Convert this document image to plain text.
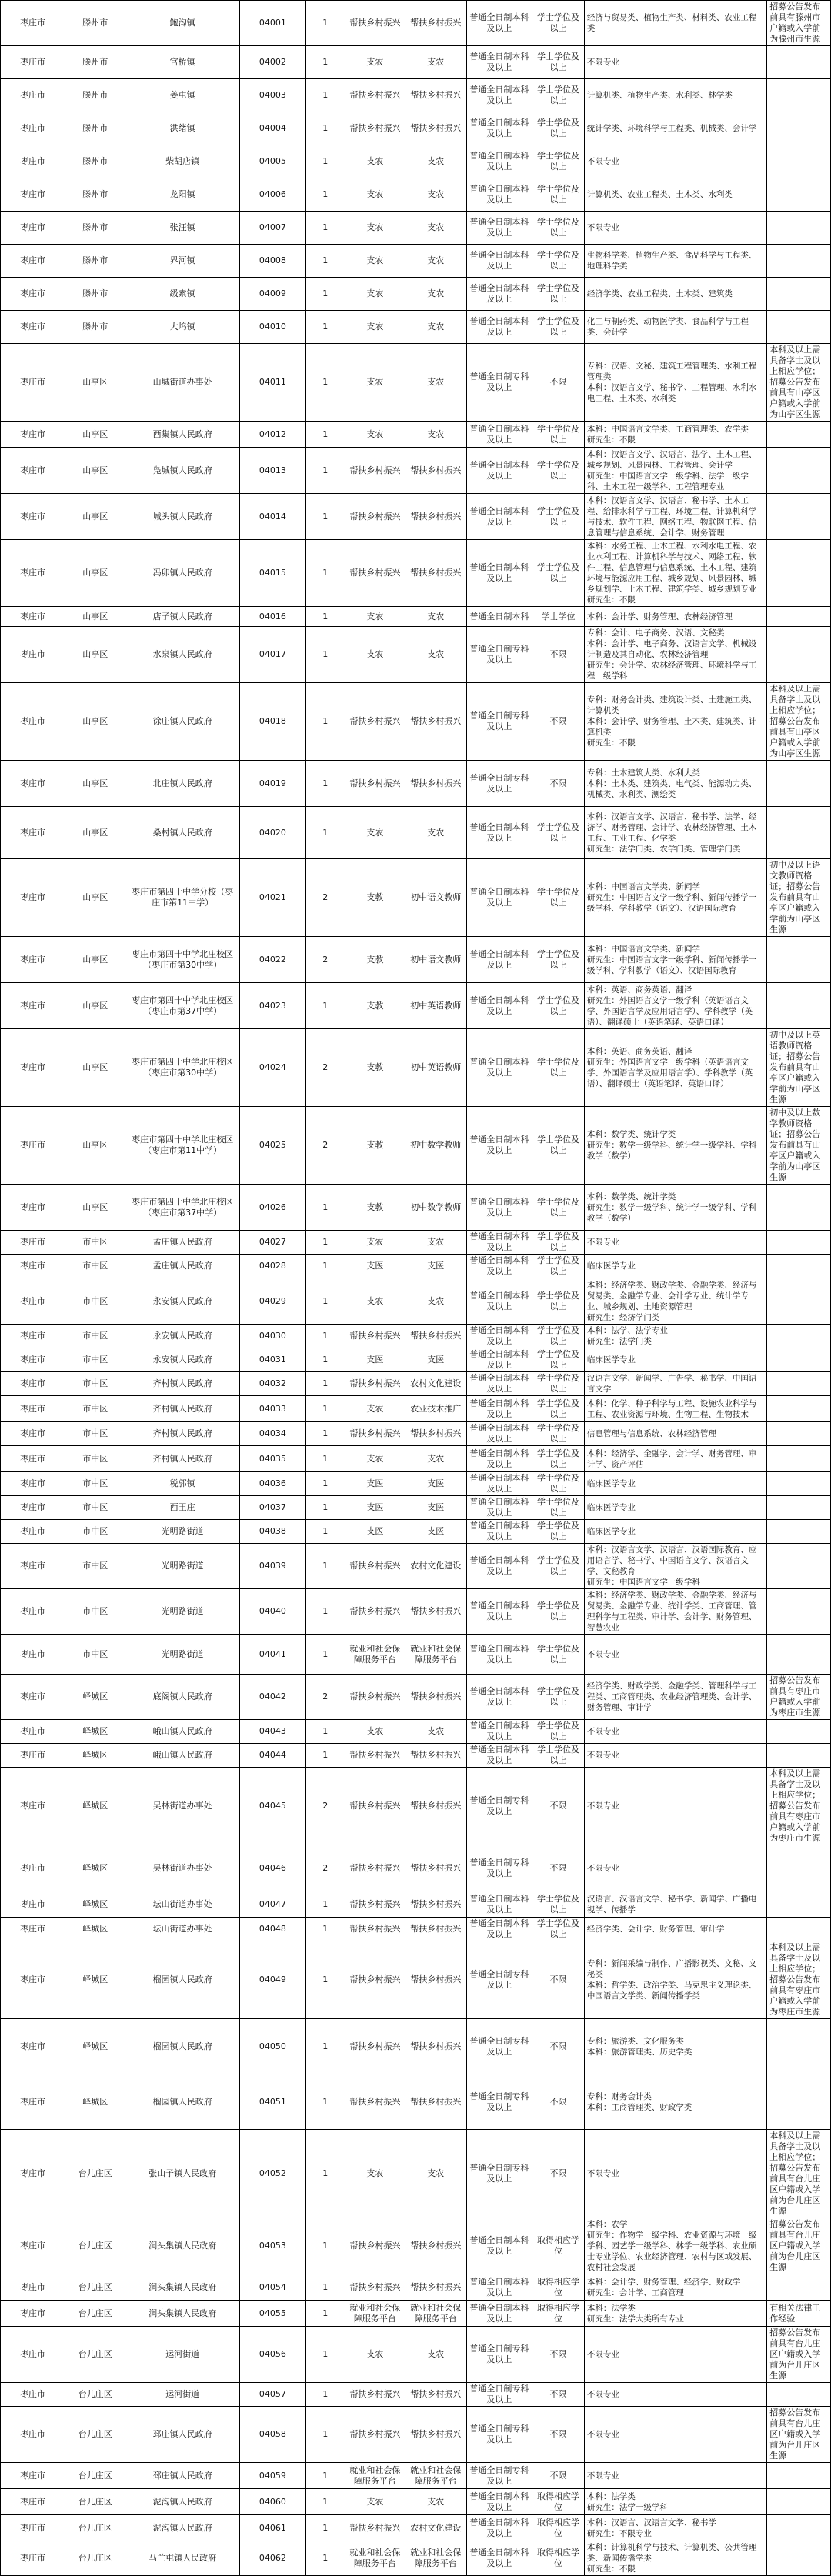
枣庄市	滕州市	鲍沟镇	04001	1	帮扶乡村振兴	帮扶乡村振兴	普通全日制本科及以上	学士学位及以上	经济与贸易类、植物生产类、材料类、农业工程类	招募公告发布前具有滕州市户籍或入学前为滕州市生源
枣庄市	滕州市	官桥镇	04002	1	支农	支农	普通全日制本科及以上	学士学位及以上	不限专业	
枣庄市	滕州市	姜屯镇	04003	1	帮扶乡村振兴	帮扶乡村振兴	普通全日制本科及以上	学士学位及以上	计算机类、植物生产类、水利类、林学类	
枣庄市	滕州市	洪绪镇	04004	1	帮扶乡村振兴	帮扶乡村振兴	普通全日制本科及以上	学士学位及以上	统计学类、环境科学与工程类、机械类、会计学	
枣庄市	滕州市	柴胡店镇	04005	1	支农	支农	普通全日制本科及以上	学士学位及以上	不限专业	
枣庄市	滕州市	龙阳镇	04006	1	支农	支农	普通全日制本科及以上	学士学位及以上	计算机类、农业工程类、土木类、水利类	
枣庄市	滕州市	张汪镇	04007	1	支农	支农	普通全日制本科及以上	学士学位及以上	不限专业	
枣庄市	滕州市	界河镇	04008	1	支农	支农	普通全日制本科及以上	学士学位及以上	生物科学类、植物生产类、食品科学与工程类、地理科学类	
枣庄市	滕州市	级索镇	04009	1	支农	支农	普通全日制本科及以上	学士学位及以上	经济学类、农业工程类、土木类、建筑类	
枣庄市	滕州市	大坞镇	04010	1	支农	支农	普通全日制本科及以上	学士学位及以上	化工与制药类、动物医学类、食品科学与工程类、会计学	
枣庄市	山亭区	山城街道办事处	04011	1	支农	支农	普通全日制专科及以上	不限	专科：汉语、文秘、建筑工程管理类、水利工程管理类
本科：汉语言文学、秘书学、工程管理、水利水电工程、土木类、水利类	本科及以上需具备学士及以上相应学位；招募公告发布前具有山亭区户籍或入学前为山亭区生源
枣庄市	山亭区	西集镇人民政府	04012	1	支农	支农	普通全日制本科及以上	学士学位及以上	本科：中国语言文学类、工商管理类、农学类
研究生：不限	
枣庄市	山亭区	凫城镇人民政府	04013	1	帮扶乡村振兴	帮扶乡村振兴	普通全日制本科及以上	学士学位及以上	本科：汉语言文学、汉语言、法学、土木工程、城乡规划、风景园林、工程管理、会计学
研究生：中国语言文学一级学科、法学一级学科、土木工程一级学科、工程管理专业	
枣庄市	山亭区	城头镇人民政府	04014	1	帮扶乡村振兴	帮扶乡村振兴	普通全日制本科及以上	学士学位及以上	本科：汉语言文学、汉语言、秘书学、土木工程、给排水科学与工程、环境工程、计算机科学与技术、软件工程、网络工程、物联网工程、信息管理与信息系统、会计学、财务管理	
枣庄市	山亭区	冯卯镇人民政府	04015	1	帮扶乡村振兴	帮扶乡村振兴	普通全日制本科及以上	学士学位及以上	本科：水务工程、土木工程、水利水电工程、农业水利工程、计算机科学与技术、网络工程、软件工程、信息管理与信息系统、土木工程、建筑环境与能源应用工程、城乡规划、风景园林、城乡规划学、土木工程、建筑学类、城乡规划专业
研究生：不限	
枣庄市	山亭区	店子镇人民政府	04016	1	支农	支农	普通全日制本科	学士学位	本科：会计学、财务管理、农林经济管理	
枣庄市	山亭区	水泉镇人民政府	04017	1	支农	支农	普通全日制专科及以上	不限	专科：会计、电子商务、汉语、文秘类
本科：会计学、电子商务、汉语言文学、机械设计制造及其自动化、农林经济管理
研究生：会计学、农林经济管理、环境科学与工程一级学科	
枣庄市	山亭区	徐庄镇人民政府	04018	1	帮扶乡村振兴	帮扶乡村振兴	普通全日制专科及以上	不限	专科：财务会计类、建筑设计类、土建施工类、计算机类
本科：会计学、财务管理、土木类、建筑类、计算机类
研究生：不限	本科及以上需具备学士及以上相应学位；招募公告发布前具有山亭区户籍或入学前为山亭区生源
枣庄市	山亭区	北庄镇人民政府	04019	1	帮扶乡村振兴	帮扶乡村振兴	普通全日制专科及以上	不限	专科：土木建筑大类、水利大类
本科：土木类、建筑类、电气类、能源动力类、机械类、水利类、测绘类	
枣庄市	山亭区	桑村镇人民政府	04020	1	支农	支农	普通全日制本科及以上	学士学位及以上	本科：汉语言文学、汉语言、秘书学、法学、经济学、财务管理、会计学、农林经济管理、土木工程、工业工程、化学类
研究生：法学门类、农学门类、管理学门类	
枣庄市	山亭区	枣庄市第四十中学分校（枣庄市第11中学）	04021	2	支教	初中语文教师	普通全日制本科及以上	学士学位及以上	本科：中国语言文学类、新闻学
研究生：中国语言文学一级学科、新闻传播学一级学科、学科教学（语文）、汉语国际教育	初中及以上语文教师资格证；招募公告发布前具有山亭区户籍或入学前为山亭区生源
枣庄市	山亭区	枣庄市第四十中学北庄校区（枣庄市第30中学）	04022	2	支教	初中语文教师	普通全日制本科及以上	学士学位及以上	本科：中国语言文学类、新闻学
研究生：中国语言文学一级学科、新闻传播学一级学科、学科教学（语文）、汉语国际教育	
枣庄市	山亭区	枣庄市第四十中学北庄校区（枣庄市第37中学）	04023	1	支教	初中英语教师	普通全日制本科及以上	学士学位及以上	本科：英语、商务英语、翻译
研究生：外国语言文学一级学科（英语语言文学、外国语言学及应用语言学）、学科教学（英语）、翻译硕士（英语笔译、英语口译）	
枣庄市	山亭区	枣庄市第四十中学北庄校区（枣庄市第30中学）	04024	2	支教	初中英语教师	普通全日制本科及以上	学士学位及以上	本科：英语、商务英语、翻译
研究生：外国语言文学一级学科（英语语言文学、外国语言学及应用语言学）、学科教学（英语）、翻译硕士（英语笔译、英语口译）	初中及以上英语教师资格证；招募公告发布前具有山亭区户籍或入学前为山亭区生源
枣庄市	山亭区	枣庄市第四十中学北庄校区（枣庄市第11中学）	04025	2	支教	初中数学教师	普通全日制本科及以上	学士学位及以上	本科：数学类、统计学类
研究生：数学一级学科、统计学一级学科、学科教学（数学）	初中及以上数学教师资格证；招募公告发布前具有山亭区户籍或入学前为山亭区生源
枣庄市	山亭区	枣庄市第四十中学北庄校区（枣庄市第37中学）	04026	1	支教	初中数学教师	普通全日制本科及以上	学士学位及以上	本科：数学类、统计学类
研究生：数学一级学科、统计学一级学科、学科教学（数学）	
枣庄市	市中区	孟庄镇人民政府	04027	1	支农	支农	普通全日制本科及以上	学士学位及以上	不限专业	
枣庄市	市中区	孟庄镇人民政府	04028	1	支医	支医	普通全日制本科及以上	学士学位及以上	临床医学专业	
枣庄市	市中区	永安镇人民政府	04029	1	支农	支农	普通全日制本科及以上	学士学位及以上	本科：经济学类、财政学类、金融学类、经济与贸易类、金融学专业、会计学专业、统计学专业、城乡规划、土地资源管理
研究生：经济学门类	
枣庄市	市中区	永安镇人民政府	04030	1	帮扶乡村振兴	帮扶乡村振兴	普通全日制本科及以上	学士学位及以上	本科：法学、法学专业
研究生：法学门类	
枣庄市	市中区	永安镇人民政府	04031	1	支医	支医	普通全日制本科及以上	学士学位及以上	临床医学专业	
枣庄市	市中区	齐村镇人民政府	04032	1	帮扶乡村振兴	农村文化建设	普通全日制本科及以上	学士学位及以上	汉语言文学、新闻学、广告学、秘书学、中国语言文学	
枣庄市	市中区	齐村镇人民政府	04033	1	支农	农业技术推广	普通全日制本科及以上	学士学位及以上	本科：化学、种子科学与工程、设施农业科学与工程、农业资源与环境、生物工程、生物技术	
枣庄市	市中区	齐村镇人民政府	04034	1	帮扶乡村振兴	帮扶乡村振兴	普通全日制本科及以上	学士学位及以上	信息管理与信息系统、农林经济管理	
枣庄市	市中区	齐村镇人民政府	04035	1	支农	支农	普通全日制本科及以上	学士学位及以上	本科：经济学、金融学、会计学、财务管理、审计学、资产评估	
枣庄市	市中区	税郭镇	04036	1	支医	支医	普通全日制本科及以上	学士学位及以上	临床医学专业	
枣庄市	市中区	西王庄	04037	1	支医	支医	普通全日制本科及以上	学士学位及以上	临床医学专业	
枣庄市	市中区	光明路街道	04038	1	支医	支医	普通全日制本科及以上	学士学位及以上	临床医学专业	
枣庄市	市中区	光明路街道	04039	1	帮扶乡村振兴	农村文化建设	普通全日制本科及以上	学士学位及以上	本科：汉语言文学、汉语言、汉语国际教育、应用语言学、秘书学、中国语言文学、汉语言文学、文秘教育
研究生：中国语言文学一级学科	
枣庄市	市中区	光明路街道	04040	1	帮扶乡村振兴	帮扶乡村振兴	普通全日制本科及以上	学士学位及以上	本科：经济学类、财政学类、金融学类、经济与贸易类、金融学专业、统计学类、工商管理、管理科学与工程类、审计学、会计学、财务管理、智慧农业	
枣庄市	市中区	光明路街道	04041	1	就业和社会保障服务平台	就业和社会保障服务平台	普通全日制本科及以上	学士学位及以上	不限专业	
枣庄市	峄城区	底阁镇人民政府	04042	2	帮扶乡村振兴	帮扶乡村振兴	普通全日制本科及以上	学士学位及以上	经济学类、财政学类、金融学类、管理科学与工程类、工商管理类、农业经济管理类、会计学、财务管理、审计学	招募公告发布前具有枣庄市户籍或入学前为枣庄市生源
枣庄市	峄城区	峨山镇人民政府	04043	1	支农	支农	普通全日制本科及以上	学士学位及以上	不限专业	
枣庄市	峄城区	峨山镇人民政府	04044	1	帮扶乡村振兴	帮扶乡村振兴	普通全日制本科及以上	学士学位及以上	不限专业	
枣庄市	峄城区	吴林街道办事处	04045	2	帮扶乡村振兴	帮扶乡村振兴	普通全日制专科及以上	不限	不限专业	本科及以上需具备学士及以上相应学位；招募公告发布前具有枣庄市户籍或入学前为枣庄市生源
枣庄市	峄城区	吴林街道办事处	04046	2	帮扶乡村振兴	帮扶乡村振兴	普通全日制专科及以上	不限	不限专业	
枣庄市	峄城区	坛山街道办事处	04047	1	帮扶乡村振兴	帮扶乡村振兴	普通全日制本科及以上	学士学位及以上	汉语言、汉语言文学、秘书学、新闻学、广播电视学、传播学	
枣庄市	峄城区	坛山街道办事处	04048	1	帮扶乡村振兴	帮扶乡村振兴	普通全日制本科及以上	学士学位及以上	经济学类、会计学、财务管理、审计学	
枣庄市	峄城区	榴园镇人民政府	04049	1	帮扶乡村振兴	帮扶乡村振兴	普通全日制专科及以上	不限	专科：新闻采编与制作、广播影视类、文秘、文秘类
本科：哲学类、政治学类、马克思主义理论类、中国语言文学类、新闻传播学类	本科及以上需具备学士及以上相应学位；招募公告发布前具有枣庄市户籍或入学前为枣庄市生源
枣庄市	峄城区	榴园镇人民政府	04050	1	帮扶乡村振兴	帮扶乡村振兴	普通全日制专科及以上	不限	专科：旅游类、文化服务类
本科：旅游管理类、历史学类	
枣庄市	峄城区	榴园镇人民政府	04051	1	帮扶乡村振兴	帮扶乡村振兴	普通全日制专科及以上	不限	专科：财务会计类
本科：工商管理类、财政学类	
枣庄市	台儿庄区	张山子镇人民政府	04052	1	支农	支农	普通全日制专科及以上	不限	不限专业	本科及以上需具备学士及以上相应学位；招募公告发布前具有台儿庄区户籍或入学前为台儿庄区生源
枣庄市	台儿庄区	涧头集镇人民政府	04053	1	帮扶乡村振兴	帮扶乡村振兴	普通全日制本科及以上	取得相应学位	本科：农学
研究生：作物学一级学科、农业资源与环境一级学科、园艺学一级学科、林学一级学科、农业硕士专业学位、农业经济管理、农村与区域发展、农村社会发展	招募公告发布前具有台儿庄区户籍或入学前为台儿庄区生源
枣庄市	台儿庄区	涧头集镇人民政府	04054	1	帮扶乡村振兴	帮扶乡村振兴	普通全日制本科及以上	取得相应学位	本科：会计学、财务管理、经济学、财政学
研究生：会计学、工商管理	
枣庄市	台儿庄区	涧头集镇人民政府	04055	1	就业和社会保障服务平台	就业和社会保障服务平台	普通全日制本科及以上	取得相应学位	本科：法学类
研究生：法学大类所有专业	有相关法律工作经验
枣庄市	台儿庄区	运河街道	04056	1	支农	支农	普通全日制专科及以上	不限	不限专业	招募公告发布前具有台儿庄区户籍或入学前为台儿庄区生源
枣庄市	台儿庄区	运河街道	04057	1	帮扶乡村振兴	帮扶乡村振兴	普通全日制专科及以上	不限	不限专业	
枣庄市	台儿庄区	邳庄镇人民政府	04058	1	帮扶乡村振兴	帮扶乡村振兴	普通全日制专科及以上	不限	不限专业	招募公告发布前具有台儿庄区户籍或入学前为台儿庄区生源
枣庄市	台儿庄区	邳庄镇人民政府	04059	1	就业和社会保障服务平台	就业和社会保障服务平台	普通全日制专科及以上	不限	不限专业	
枣庄市	台儿庄区	泥沟镇人民政府	04060	1	支农	支农	普通全日制本科及以上	取得相应学位	本科：法学类
研究生：法学一级学科	
枣庄市	台儿庄区	泥沟镇人民政府	04061	1	帮扶乡村振兴	农村文化建设	普通全日制本科及以上	取得相应学位	本科：汉语言、汉语言文学、秘书学
研究生：不限专业	
枣庄市	台儿庄区	马兰屯镇人民政府	04062	1	就业和社会保障服务平台	就业和社会保障服务平台	普通全日制本科及以上	取得相应学位	本科：计算机科学与技术、计算机类、公共管理类、新闻传播学类
研究生：不限	
